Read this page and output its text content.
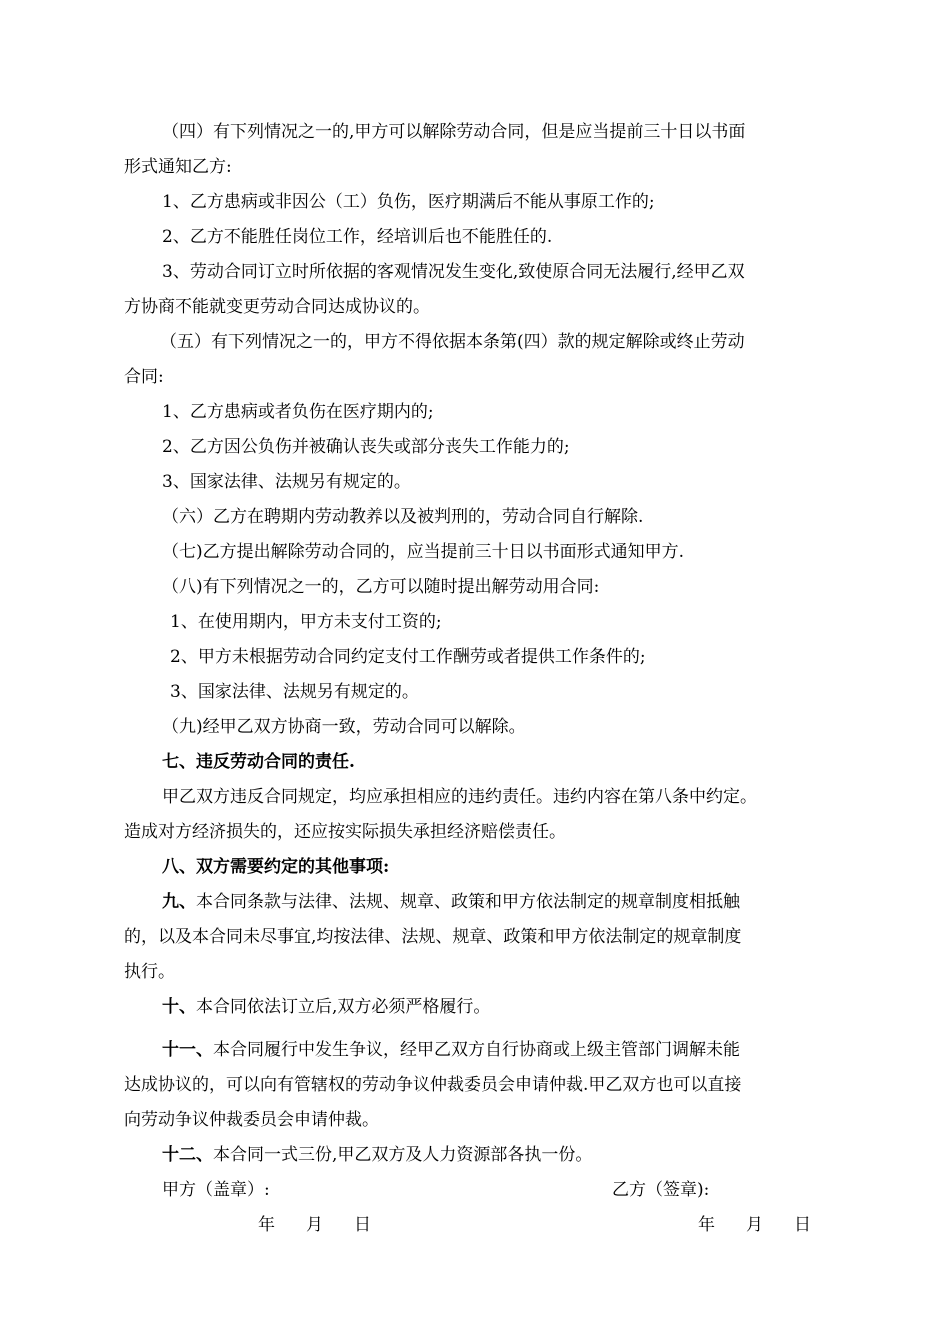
（四）有下列情况之一的,甲方可以解除劳动合同，但是应当提前三十日以书面
形式通知乙方:
1、乙方患病或非因公（工）负伤，医疗期满后不能从事原工作的;
2、乙方不能胜任岗位工作，经培训后也不能胜任的.
3、劳动合同订立时所依据的客观情况发生变化,致使原合同无法履行,经甲乙双
方协商不能就变更劳动合同达成协议的。
（五）有下列情况之一的，甲方不得依据本条第(四）款的规定解除或终止劳动
合同:
1、乙方患病或者负伤在医疗期内的;
2、乙方因公负伤并被确认丧失或部分丧失工作能力的;
3、国家法律、法规另有规定的。
（六）乙方在聘期内劳动教养以及被判刑的，劳动合同自行解除.
（七)乙方提出解除劳动合同的，应当提前三十日以书面形式通知甲方.
（八)有下列情况之一的，乙方可以随时提出解劳动用合同:
1、在使用期内，甲方未支付工资的;
2、甲方未根据劳动合同约定支付工作酬劳或者提供工作条件的;
3、国家法律、法规另有规定的。
（九)经甲乙双方协商一致，劳动合同可以解除。
七、违反劳动合同的责任.
甲乙双方违反合同规定，均应承担相应的违约责任。违约内容在第八条中约定。
造成对方经济损失的，还应按实际损失承担经济赔偿责任。
八、双方需要约定的其他事项:
九、本合同条款与法律、法规、规章、政策和甲方依法制定的规章制度相抵触
的，以及本合同未尽事宜,均按法律、法规、规章、政策和甲方依法制定的规章制度
执行。
十、本合同依法订立后,双方必须严格履行。
十一、本合同履行中发生争议，经甲乙双方自行协商或上级主管部门调解未能
达成协议的，可以向有管辖权的劳动争议仲裁委员会申请仲裁.甲乙双方也可以直接
向劳动争议仲裁委员会申请仲裁。
十二、本合同一式三份,甲乙双方及人力资源部各执一份。
甲方（盖章）:	乙方（签章):
年 月 日	年 月 日
